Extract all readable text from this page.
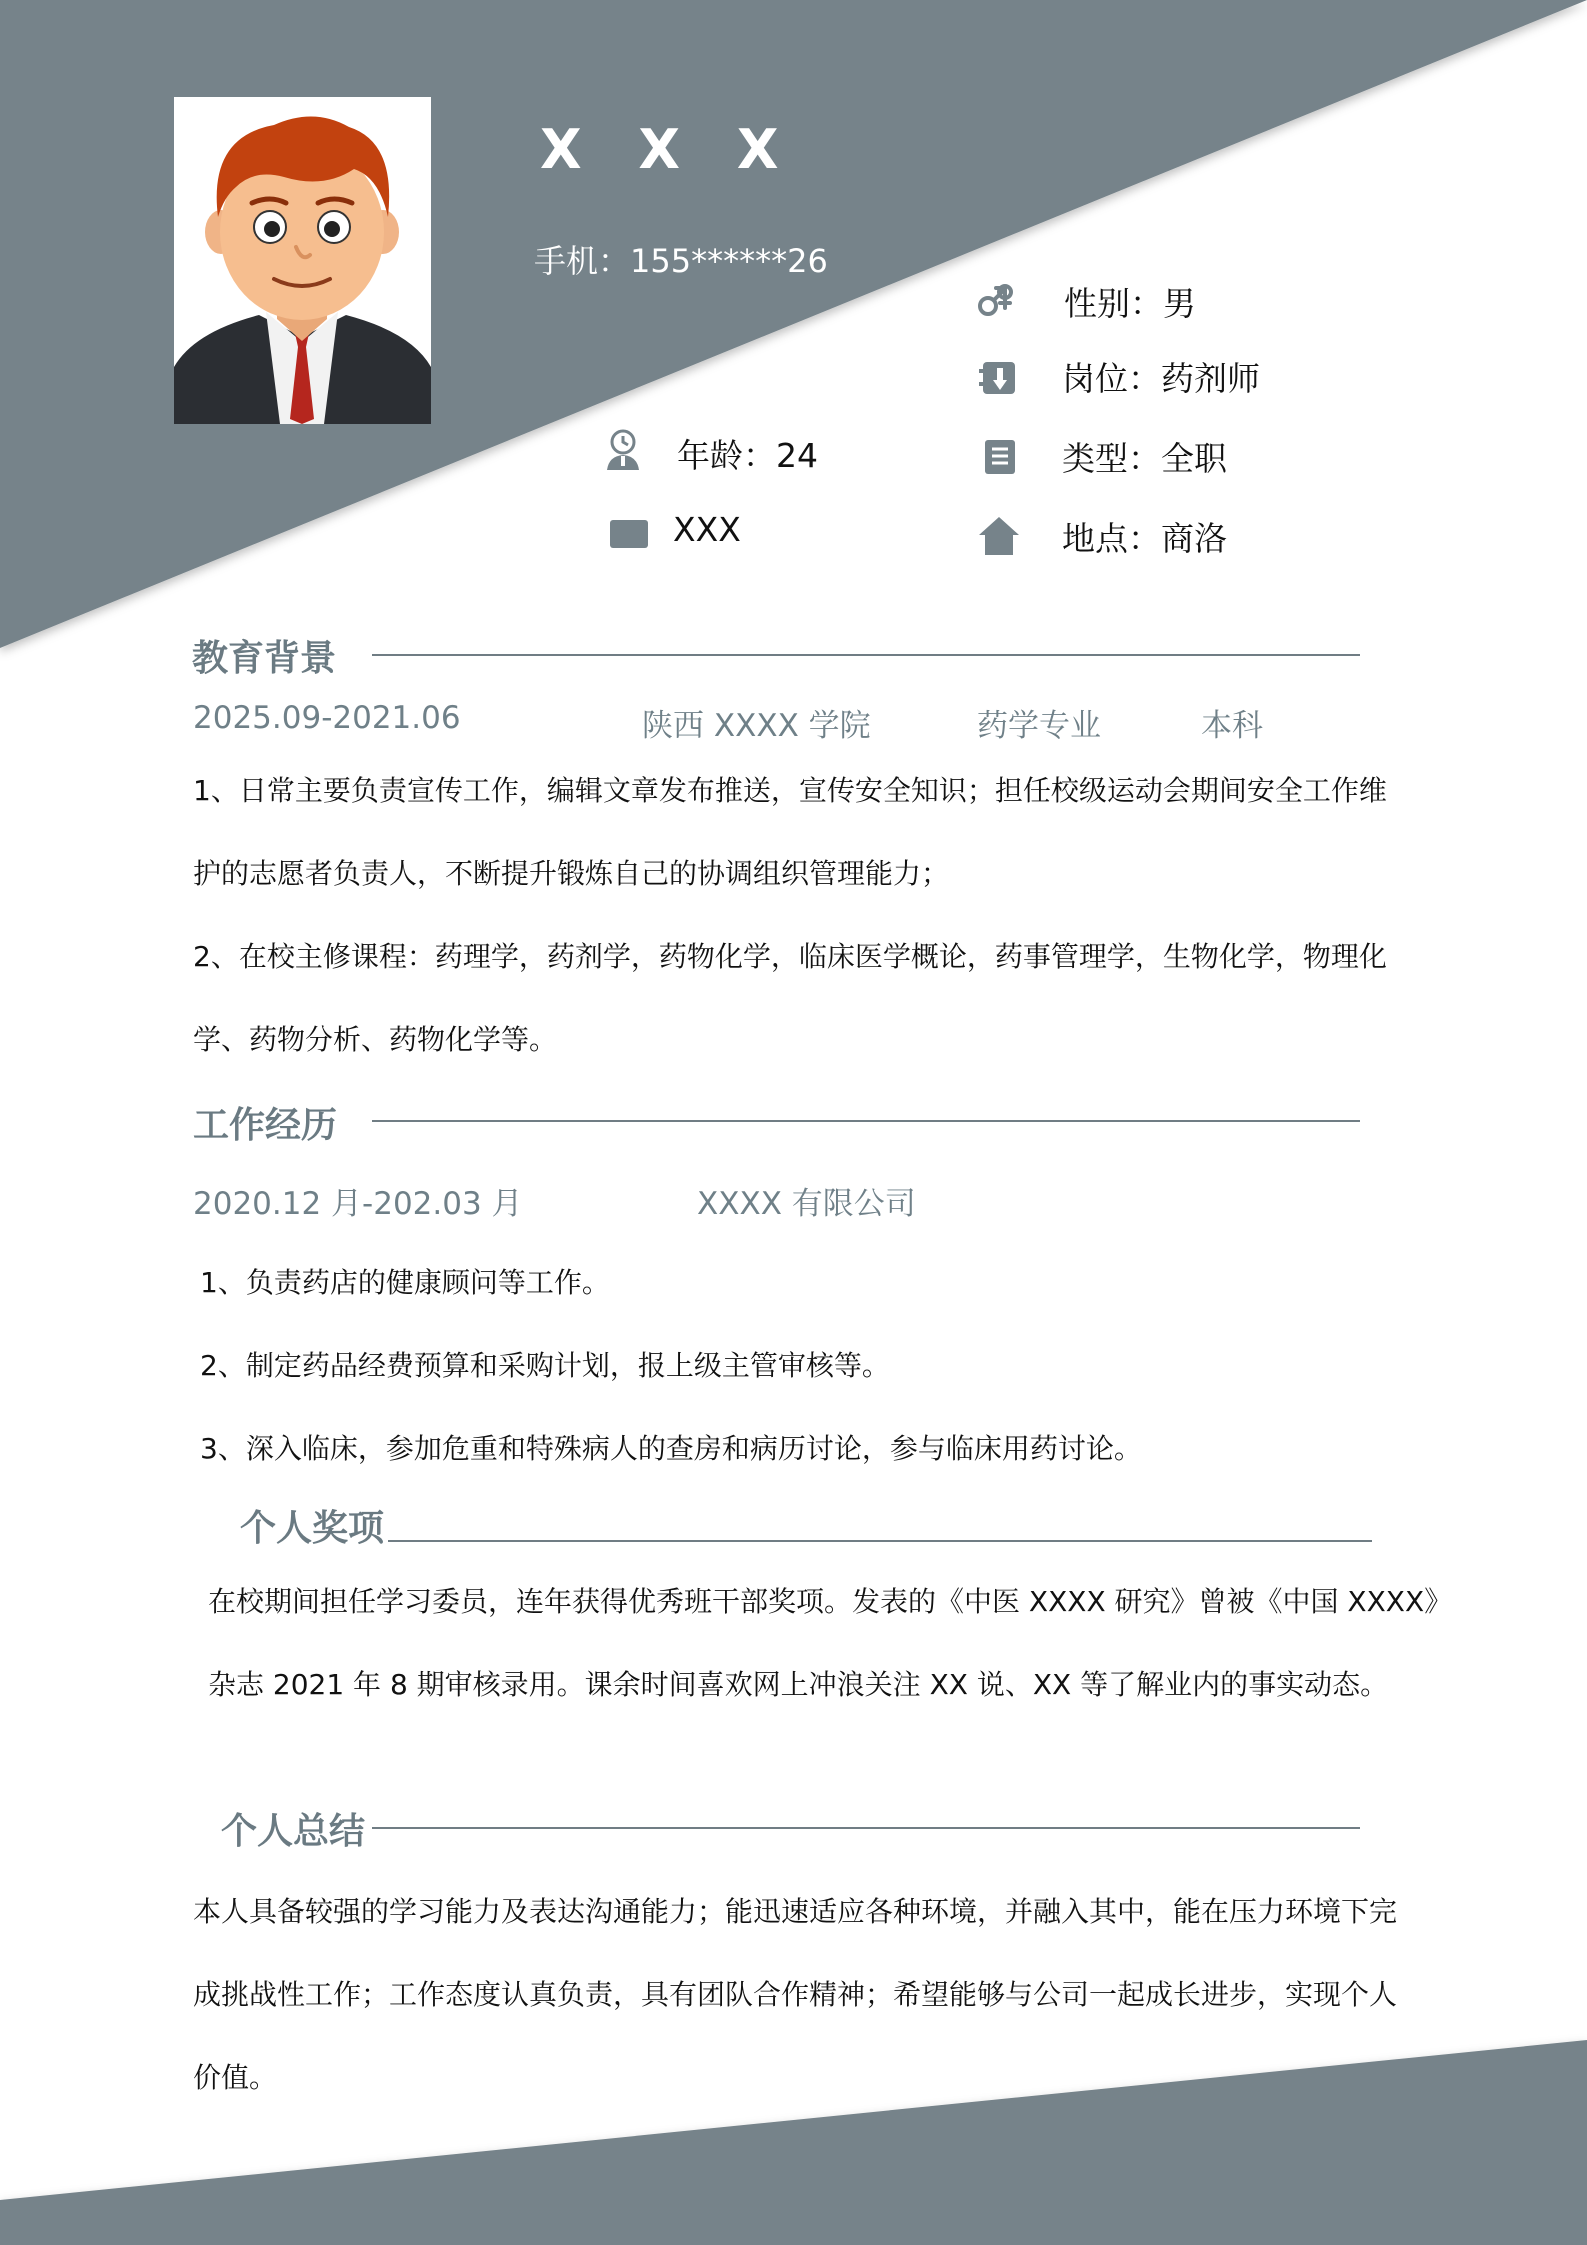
X X X
手机：155******26
性别：男
岗位：药剂师
年龄：24	类型：全职
XXX	地点：商洛
教育背景
2025.09-2021.06	陕西 XXXX 学院	药学专业	本科
1、日常主要负责宣传工作，编辑文章发布推送，宣传安全知识；担任校级运动会期间安全工作维
护的志愿者负责人，不断提升锻炼自己的协调组织管理能力；
2、在校主修课程：药理学，药剂学，药物化学，临床医学概论，药事管理学，生物化学，物理化
学、药物分析、药物化学等。
工作经历
2020.12 月-202.03 月	XXXX 有限公司
1、负责药店的健康顾问等工作。
2、制定药品经费预算和采购计划，报上级主管审核等。
3、深入临床，参加危重和特殊病人的查房和病历讨论，参与临床用药讨论。
个人奖项
在校期间担任学习委员，连年获得优秀班干部奖项。发表的《中医 XXXX 研究》曾被《中国 XXXX》
杂志 2021 年 8 期审核录用。课余时间喜欢网上冲浪关注 XX 说、XX 等了解业内的事实动态。
个人总结
本人具备较强的学习能力及表达沟通能力；能迅速适应各种环境，并融入其中，能在压力环境下完
成挑战性工作；工作态度认真负责，具有团队合作精神；希望能够与公司一起成长进步，实现个人
价值。
